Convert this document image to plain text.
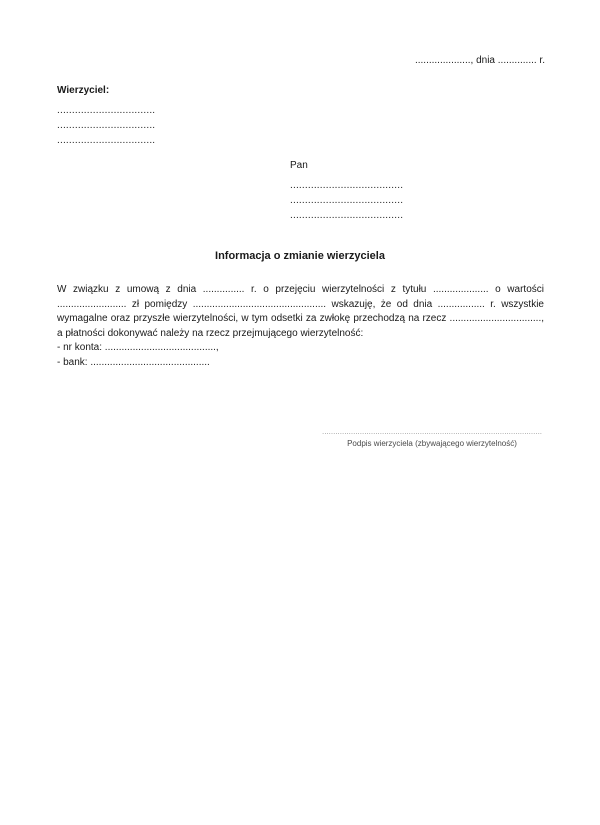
...................., dnia .............. r.
Wierzyciel:
.................................
.................................
.................................
Pan
......................................
......................................
......................................
Informacja o zmianie wierzyciela
W związku z umową z dnia ............... r. o przejęciu wierzytelności z tytułu .................... o wartości ......................... zł pomiędzy ................................................ wskazuję, że od dnia ................. r. wszystkie wymagalne oraz przyszłe wierzytelności, w tym odsetki za zwłokę przechodzą na rzecz ................................., a płatności dokonywać należy na rzecz przejmującego wierzytelność:
- nr konta: ........................................,
- bank: ...........................................
...................................................................................................
Podpis wierzyciela (zbywającego wierzytelność)
